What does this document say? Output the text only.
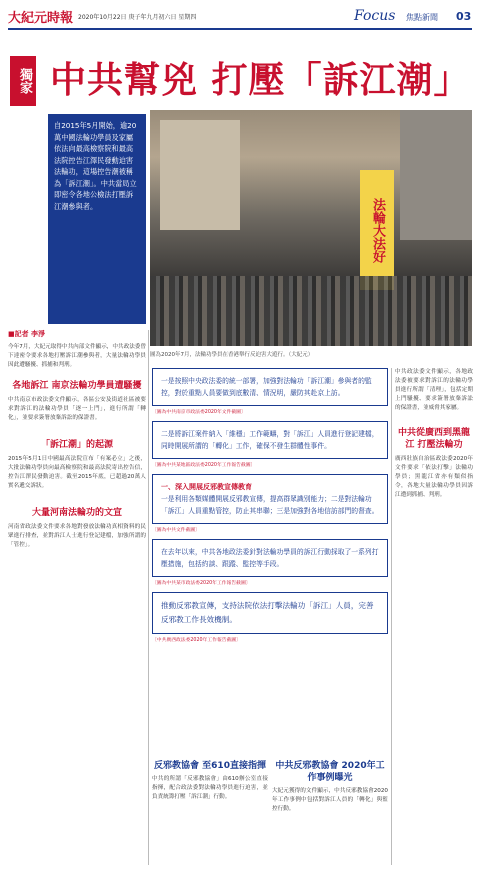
大紀元時報 2020年10月22日 庚子年九月初六日 星期四	Focus 焦點新聞 03
獨家 中共幫兇 打壓「訴江潮」
自2015年5月開始，逾20萬中國法輪功學員及家屬依法向最高檢察院和最高法院控告江澤民發動迫害法輪功，這場控告潮被稱為「訴江潮」。中共當局立即密令各地公檢法打壓訴江潮參與者。	法輪大法好
圖為2020年7月，法輪功學員在香港舉行反迫害大遊行。（大紀元）
■記者 李淨
今年7月，大紀元取得中共內部文件顯示，中共政法委曾下達密令要求各地打壓訴江潮參與者，大量法輪功學員因此遭騷擾、抓捕和判刑。
各地訴江 南京法輪功學員遭騷擾
中共南京市政法委文件顯示，各區公安及街道社區被要求對訴江的法輪功學員「逐一上門」，進行所謂「轉化」，並要求簽署放棄訴訟的保證書。
「訴江潮」的起源
2015年5月1日中國最高法院宣布「有案必立」之後，大批法輪功學員向最高檢察院和最高法院寄出控告信，控告江澤民發動迫害。截至2015年底，已超過20萬人實名遞交訴狀。
大量河南法輪功的文宣
河南省政法委文件要求各地對發放法輪功真相資料的民眾進行排查，並對訴江人士進行登記建檔，加強所謂的「管控」。
一是按照中央政法委的統一部署，加強對法輪功「訴江潮」參與者的監控，對於重點人員要做到底數清、情況明，嚴防其赴京上訪。
〔圖為中共南京市政法委2020年文件截圖〕
二是將訴江案件納入「維穩」工作範疇，對「訴江」人員進行登記建檔，同時開展所謂的「轉化」工作，確保不發生群體性事件。
〔圖為中共某地區政法委2020年工作報告截圖〕
一、深入開展反邪教宣傳教育
一是利用各類媒體開展反邪教宣傳，提高群眾識別能力；二是對法輪功「訴江」人員重點管控，防止其串聯；三是加強對各地信訪部門的督查。
〔圖為中共文件截圖〕
在去年以來，中共各地政法委針對法輪功學員的訴江行動採取了一系列打壓措施，包括約談、跟蹤、監控等手段。
〔圖為中共某市政法委2020年工作報告截圖〕
推動反邪教宣傳，支持法院依法打擊法輪功「訴江」人員，完善反邪教工作長效機制。
〔中共廣西政法委2020年工作報告截圖〕
反邪教協會 至610直接指揮
中共的所謂「反邪教協會」由610辦公室直接指揮，配合政法委對法輪功學員進行迫害，並負責統籌打壓「訴江潮」行動。
中共反邪教協會 2020年工作事例曝光
大紀元獲得的文件顯示，中共反邪教協會2020年工作事例中包括對訴江人員的「轉化」與監控行動。
中共政法委文件顯示，各地政法委被要求對訴江的法輪功學員進行所謂「清理」，包括定期上門騷擾、要求簽署放棄訴訟的保證書，並威脅其家屬。
中共從廣西到黑龍江 打壓法輪功
廣西壯族自治區政法委2020年文件要求「依法打擊」法輪功學員；黑龍江省亦有類似指令，各地大量法輪功學員因訴江遭到抓捕、判刑。
